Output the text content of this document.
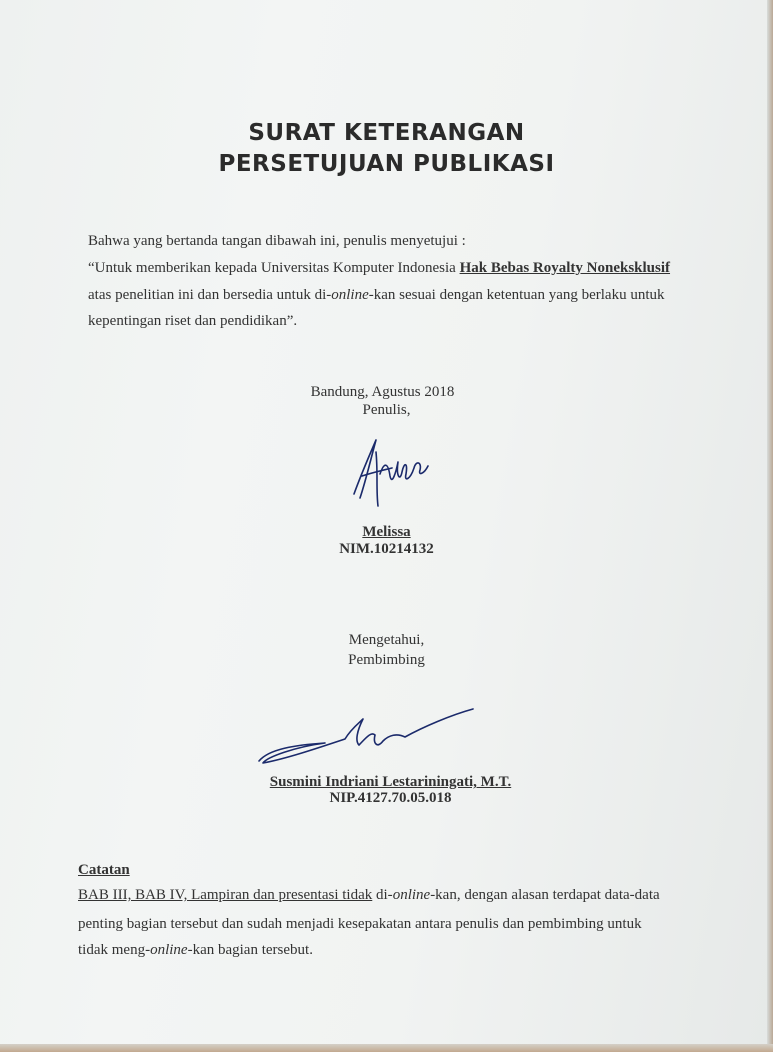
SURAT KETERANGAN
PERSETUJUAN PUBLIKASI
Bahwa yang bertanda tangan dibawah ini, penulis menyetujui :
“Untuk memberikan kepada Universitas Komputer Indonesia Hak Bebas Royalty Noneksklusif
atas penelitian ini dan bersedia untuk di-online-kan sesuai dengan ketentuan yang berlaku untuk
kepentingan riset dan pendidikan”.
Bandung, Agustus 2018
Penulis,
Melissa
NIM.10214132
Mengetahui,
Pembimbing
Susmini Indriani Lestariningati, M.T.
NIP.4127.70.05.018
Catatan
BAB III, BAB IV, Lampiran dan presentasi tidak di-online-kan, dengan alasan terdapat data-data
penting bagian tersebut dan sudah menjadi kesepakatan antara penulis dan pembimbing untuk
tidak meng-online-kan bagian tersebut.
